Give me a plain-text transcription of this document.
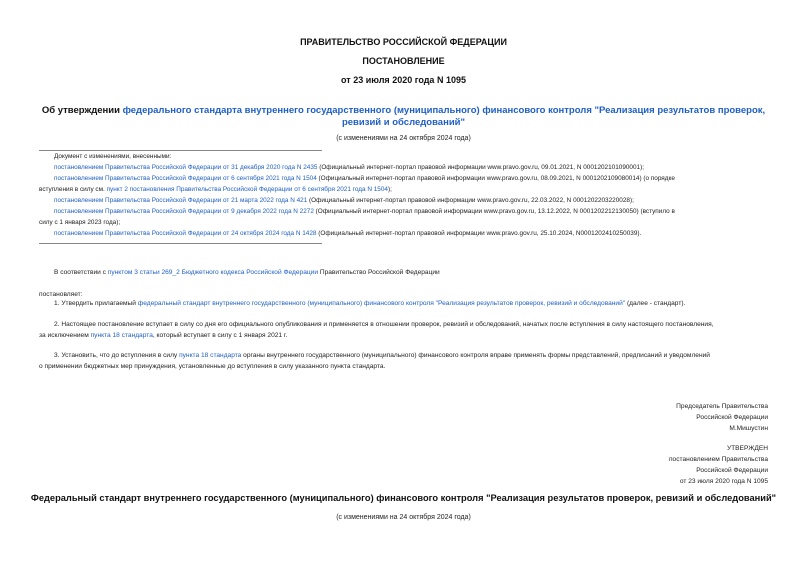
ПРАВИТЕЛЬСТВО РОССИЙСКОЙ ФЕДЕРАЦИИ
ПОСТАНОВЛЕНИЕ
от 23 июля 2020 года N 1095
Об утверждении федерального стандарта внутреннего государственного (муниципального) финансового контроля "Реализация результатов проверок, ревизий и обследований"
(с изменениями на 24 октября 2024 года)
Документ с изменениями, внесенными:
постановлением Правительства Российской Федерации от 31 декабря 2020 года N 2435 (Официальный интернет-портал правовой информации www.pravo.gov.ru, 09.01.2021, N 0001202101090001);
постановлением Правительства Российской Федерации от 6 сентября 2021 года N 1504 (Официальный интернет-портал правовой информации www.pravo.gov.ru, 08.09.2021, N 0001202109080014) (о порядке
вступления в силу см. пункт 2 постановления Правительства Российской Федерации от 6 сентября 2021 года N 1504);
постановлением Правительства Российской Федерации от 21 марта 2022 года N 421 (Официальный интернет-портал правовой информации www.pravo.gov.ru, 22.03.2022, N 0001202203220028);
постановлением Правительства Российской Федерации от 9 декабря 2022 года N 2272 (Официальный интернет-портал правовой информации www.pravo.gov.ru, 13.12.2022, N 0001202212130050) (вступило в
силу с 1 января 2023 года);
постановлением Правительства Российской Федерации от 24 октября 2024 года N 1428 (Официальный интернет-портал правовой информации www.pravo.gov.ru, 25.10.2024, N0001202410250039).
В соответствии с пунктом 3 статьи 269_2 Бюджетного кодекса Российской Федерации Правительство Российской Федерации
постановляет:
1. Утвердить прилагаемый федеральный стандарт внутреннего государственного (муниципального) финансового контроля "Реализация результатов проверок, ревизий и обследований" (далее - стандарт).
2. Настоящее постановление вступает в силу со дня его официального опубликования и применяется в отношении проверок, ревизий и обследований, начатых после вступления в силу настоящего постановления,
за исключением пункта 18 стандарта, который вступает в силу с 1 января 2021 г.
3. Установить, что до вступления в силу пункта 18 стандарта органы внутреннего государственного (муниципального) финансового контроля вправе применять формы представлений, предписаний и уведомлений
о применении бюджетных мер принуждения, установленные до вступления в силу указанного пункта стандарта.
Председатель Правительства
Российской Федерации
М.Мишустин
УТВЕРЖДЕН
постановлением Правительства
Российской Федерации
от 23 июля 2020 года N 1095
Федеральный стандарт внутреннего государственного (муниципального) финансового контроля "Реализация результатов проверок, ревизий и обследований"
(с изменениями на 24 октября 2024 года)
